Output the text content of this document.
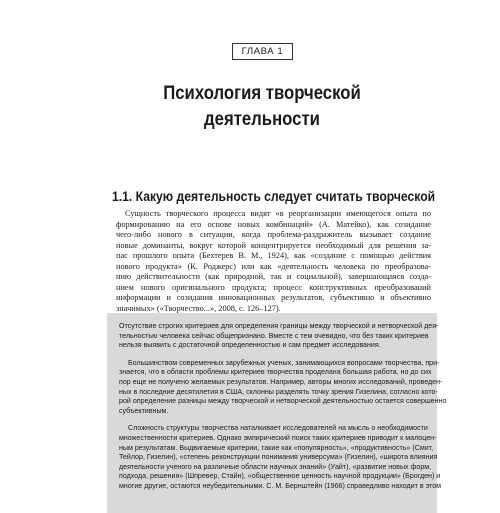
ГЛАВА 1
Психология творческой
деятельности
1.1. Какую деятельность следует считать творческой
Сущность творческого процесса видят «в реорганизации имеющегося опыта по
формированию на его основе новых комбинаций» (А. Матейко), как созидание
чего-либо нового в ситуации, когда проблема-раздражитель вызывает создание
новые доминанты, вокруг которой концентрируется необходимый для решения за-
пас прошлого опыта (Бехтерев В. М., 1924), как «создание с помощью действия
нового продукта» (К. Роджерс) или как «деятельность человека по преобразова-
нию действительности (как природной, так и социальной), завершающаяся созда-
нием нового оригинального продукта; процесс конструктивных преобразований
информации и созидания инновационных результатов, субъективно и объективно
значимых» («Творчество...», 2008, с. 126–127).
Отсутствие строгих критериев для определения границы между творческой и нетворческой дея-
тельностью человека сейчас общепризнано. Вместе с тем очевидно, что без таких критериев
нельзя выявить с достаточной определенностью и сам предмет исследования.
Большинством современных зарубежных ученых, занимающихся вопросами творчества, при-
знается, что в области проблемы критериев творчества проделана большая работа, но до сих
пор еще не получено желаемых результатов. Например, авторы многих исследований, проведен-
ных в последние десятилетия в США, склонны разделять точку зрения Гизелина, согласно кото-
рой определение разницы между творческой и нетворческой деятельностью остается совершенно
субъективным.
Сложность структуры творчества наталкивает исследователей на мысль о необходимости
множественности критериев. Однако эмпирический поиск таких критериев приводит к малоцен-
ным результатам. Выдвигаемые критерии, такие как «популярность», «продуктивность» (Смит,
Тейлор, Гизелин), «степень реконструкции понимания универсума» (Гизелин), «широта влияния
деятельности ученого на различные области научных знаний» (Уайт), «развитие новых форм,
подхода, решения» (Шпревер, Стайн), «общественное ценность научной продукции» (Брогден) и
многие другие, остаются неубедительными. С. М. Бернштейн (1966) справедливо находит в этом
